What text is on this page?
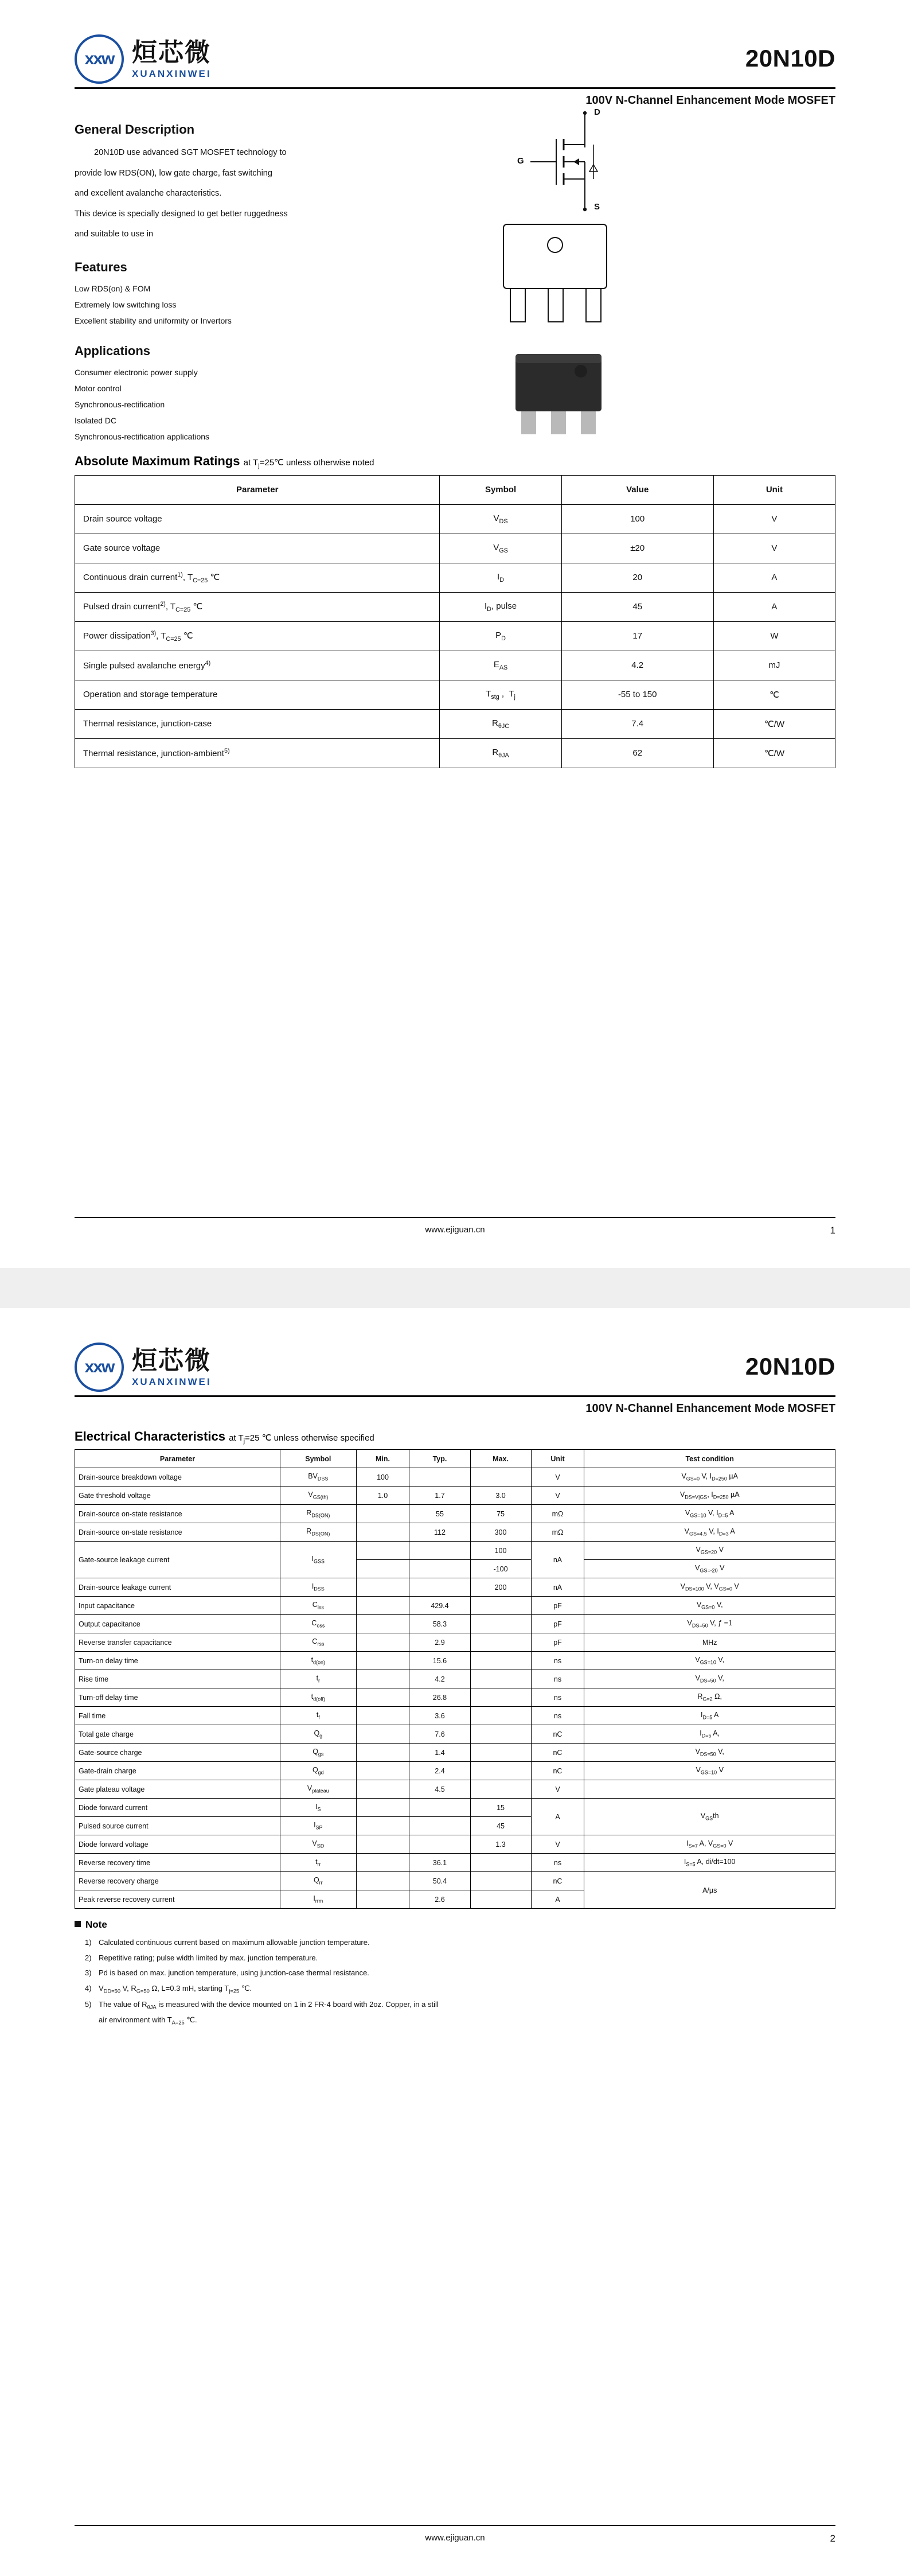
xxw 烜芯微
XUANXINWEI
20N10D
100V N-Channel Enhancement Mode MOSFET
General Description
20N10D use advanced SGT MOSFET technology to
provide low RDS(ON), low gate charge, fast switching
and excellent avalanche characteristics.
This device is specially designed to get better ruggedness
and suitable to use in
Features
Low RDS(on) & FOM
Extremely low switching loss
Excellent stability and uniformity or Invertors
Applications
Consumer electronic power supply
Motor control
Synchronous-rectification
Isolated DC
Synchronous-rectification applications
D
G
S
Absolute Maximum Ratings at $T_j=25℃$ unless otherwise noted
Parameter	Symbol	Value	Unit
Drain source voltage	$V_{DS}$	100	V
Gate source voltage	$V_{GS}$	±20	V
Continuous drain current$^{1)}$, $T_{C=25}$ ℃	$I_D$	20	A
Pulsed drain current$^{2)}$, $T_{C=25}$ ℃	$I_D$, pulse	45	A
Power dissipation$^{3)}$, $T_{C=25}$ ℃	$P_D$	17	W
Single pulsed avalanche energy$^{4)}$	$E_{AS}$	4.2	mJ
Operation and storage temperature	$T_{stg}$ ,  $T_j$	-55 to 150	℃
Thermal resistance, junction-case	$R_{\theta JC}$	7.4	℃/W
Thermal resistance, junction-ambient$^{5)}$	$R_{\theta JA}$	62	℃/W
www.ejiguan.cn	1
xxw 烜芯微
XUANXINWEI
20N10D
100V N-Channel Enhancement Mode MOSFET
Electrical Characteristics at $T_j=25$ ℃ unless otherwise specified
Parameter	Symbol	Min.	Typ.	Max.	Unit	Test condition
Drain-source breakdown voltage	$BV_{DSS}$	100			V	$V_{GS=0}$ V, $I_{D=250}$ µA
Gate threshold voltage	$V_{GS(th)}$	1.0	1.7	3.0	V	$V_{DS=V|GS}$, $I_{D=250}$ µA
Drain-source on-state resistance	$R_{DS(ON)}$		55	75	mΩ	$V_{GS=10}$ V, $I_{D=5}$ A
Drain-source on-state resistance	$R_{DS(ON)}$		112	300	mΩ	$V_{GS=4.5}$ V, $I_{D=3}$ A
Gate-source leakage current	$I_{GSS}$			100	nA	$V_{GS=20}$ V
				-100		$V_{GS=-20}$ V
Drain-source leakage current	$I_{DSS}$			200	nA	$V_{DS=100}$ V, $V_{GS=0}$ V
Input capacitance	$C_{iss}$		429.4		pF	$V_{GS=0}$ V,
Output capacitance	$C_{oss}$		58.3		pF	$V_{DS=50}$ V, ƒ =1
Reverse transfer capacitance	$C_{rss}$		2.9		pF	MHz
Turn-on delay time	$t_{d(on)}$		15.6		ns	$V_{GS=10}$ V,
Rise time	$t_r$		4.2		ns	$V_{DS=50}$ V,
Turn-off delay time	$t_{d(off)}$		26.8		ns	$R_{G=2}$ Ω,
Fall time	$t_f$		3.6		ns	$I_{D=5}$ A
Total gate charge	$Q_g$		7.6		nC	$I_{D=5}$ A,
Gate-source charge	$Q_{gs}$		1.4		nC	$V_{DS=50}$ V,
Gate-drain charge	$Q_{gd}$		2.4		nC	$V_{GS=10}$ V
Gate plateau voltage	$V_{plateau}$		4.5		V	
Diode forward current	$I_S$			15	A	$V_{GS}th$
Pulsed source current	$I_{SP}$			45		
Diode forward voltage	$V_{SD}$			1.3	V	$I_{S=7}$ A, $V_{GS=0}$ V
Reverse recovery time	$t_{rr}$		36.1		ns	$I_{S=5}$ A, di/dt=100
Reverse recovery charge	$Q_{rr}$		50.4		nC	A/µs
Peak reverse recovery current	$I_{rrm}$		2.6		A	
Note
1) Calculated continuous current based on maximum allowable junction temperature.
2) Repetitive rating; pulse width limited by max. junction temperature.
3) Pd is based on max. junction temperature, using junction-case thermal resistance.
4) $V_{DD=50}$ V, $R_{G=50}$ Ω, L=0.3 mH, starting $T_{j=25}$ ℃.
5) The value of $R_{\theta JA}$ is measured with the device mounted on 1 in 2 FR-4 board with 2oz. Copper, in a still
air environment with $T_{A=25}$ ℃.
www.ejiguan.cn	2
